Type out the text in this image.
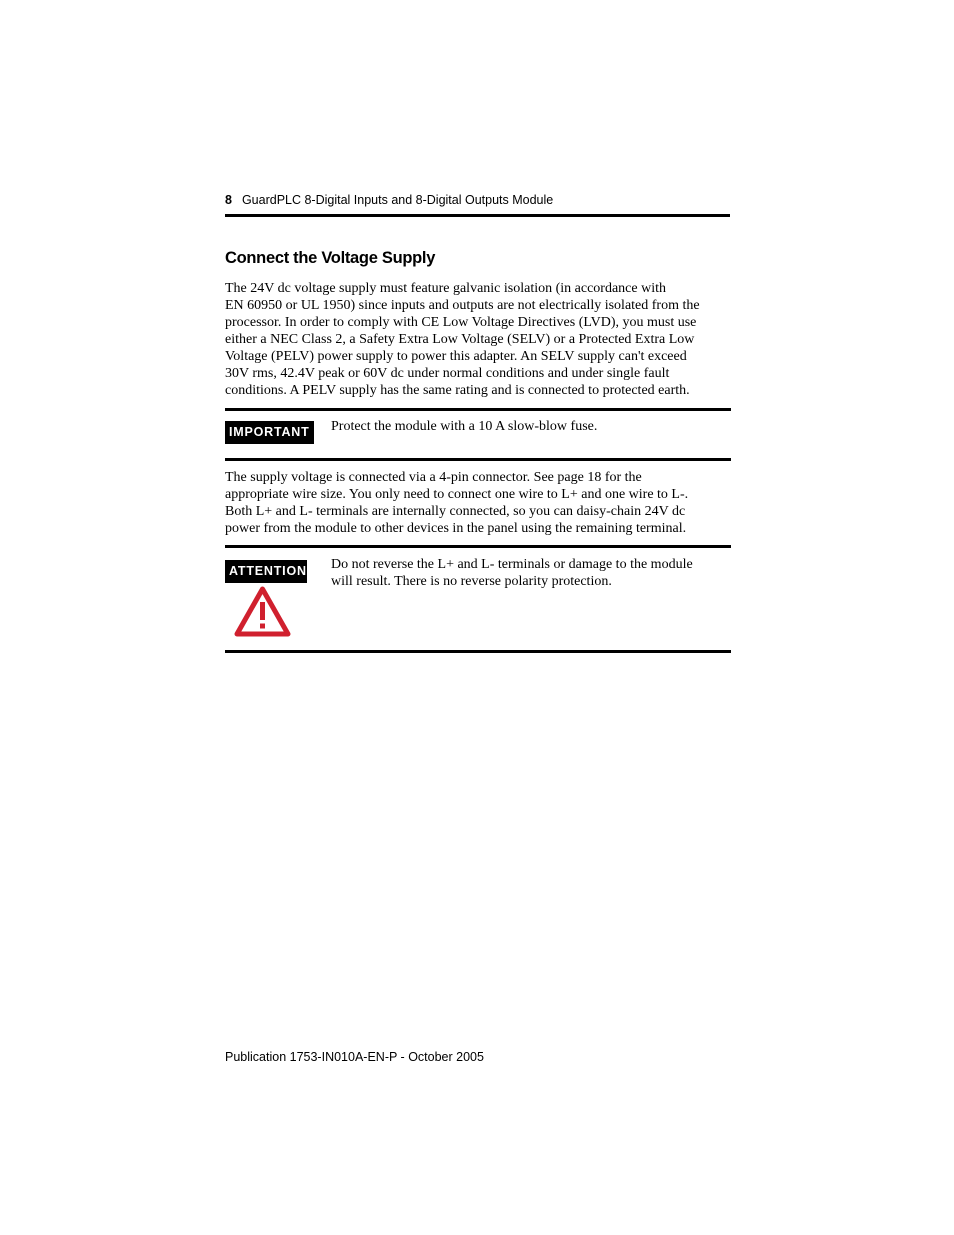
8 GuardPLC 8-Digital Inputs and 8-Digital Outputs Module
Connect the Voltage Supply
The 24V dc voltage supply must feature galvanic isolation (in accordance with
EN 60950 or UL 1950) since inputs and outputs are not electrically isolated from the
processor. In order to comply with CE Low Voltage Directives (LVD), you must use
either a NEC Class 2, a Safety Extra Low Voltage (SELV) or a Protected Extra Low
Voltage (PELV) power supply to power this adapter. An SELV supply can't exceed
30V rms, 42.4V peak or 60V dc under normal conditions and under single fault
conditions. A PELV supply has the same rating and is connected to protected earth.
IMPORTANT	Protect the module with a 10 A slow-blow fuse.
The supply voltage is connected via a 4-pin connector. See page 18 for the
appropriate wire size. You only need to connect one wire to L+ and one wire to L-.
Both L+ and L- terminals are internally connected, so you can daisy-chain 24V dc
power from the module to other devices in the panel using the remaining terminal.
ATTENTION Do not reverse the L+ and L- terminals or damage to the module
will result. There is no reverse polarity protection.
Publication 1753-IN010A-EN-P - October 2005
